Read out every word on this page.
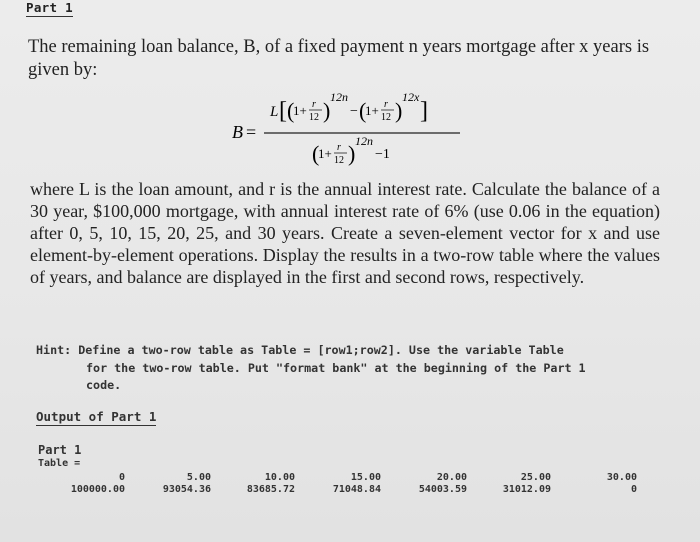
Part 1

The remaining loan balance, B, of a fixed payment n years mortgage after x years is given by:

B =
L [ (
1+ r
12 )
12n
− (
1+ r
12 )
12x
]
(
1+ r
12 ) 12n
−1

where L is the loan amount, and r is the annual interest rate. Calculate the balance of a 30 year, $100,000 mortgage, with annual interest rate of 6% (use 0.06 in the equation) after 0, 5, 10, 15, 20, 25, and 30 years. Create a seven-element vector for x and use element-by-element operations. Display the results in a two-row table where the values of years, and balance are displayed in the first and second rows, respectively.

Hint: Define a two-row table as Table = [row1;row2]. Use the variable Table
for the two-row table. Put "format bank" at the beginning of the Part 1
code.

Output of Part 1
Part 1
Table =
0	5.00	10.00	15.00	20.00	25.00	30.00
100000.00	93054.36	83685.72	71048.84	54003.59	31012.09	0
